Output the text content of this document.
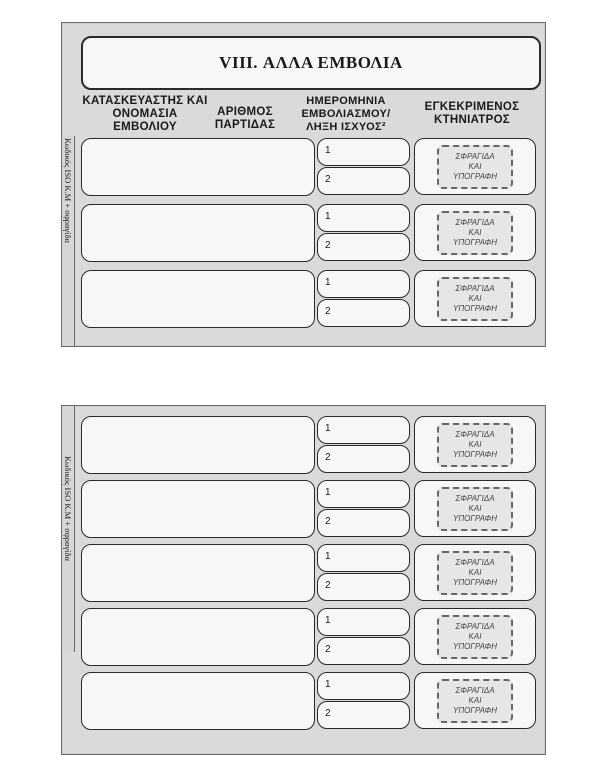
VIII. ΑΛΛΑ ΕΜΒΟΛΙΑ
ΚΑΤΑΣΚΕΥΑΣΤΗΣ ΚΑΙ ΟΝΟΜΑΣΙΑ ΕΜΒΟΛΙΟΥ
ΑΡΙΘΜΟΣ ΠΑΡΤΙΔΑΣ
ΗΜΕΡΟΜΗΝΙΑ ΕΜΒΟΛΙΑΣΜΟΥ/ ΛΗΞΗ ΙΣΧΥΟΣ²
ΕΓΚΕΚΡΙΜΕΝΟΣ ΚΤΗΝΙΑΤΡΟΣ
Κωδικός ISO K.M + σφραγίδα	1
2
ΣΦΡΑΓΙΔΑ
ΚΑΙ
ΥΠΟΓΡΑΦΗ
1
2
ΣΦΡΑΓΙΔΑ
ΚΑΙ
ΥΠΟΓΡΑΦΗ
1
2
ΣΦΡΑΓΙΔΑ
ΚΑΙ
ΥΠΟΓΡΑΦΗ
Κωδικός ISO K.M + σφραγίδα
1
2
ΣΦΡΑΓΙΔΑ
ΚΑΙ
ΥΠΟΓΡΑΦΗ
1
2
ΣΦΡΑΓΙΔΑ
ΚΑΙ
ΥΠΟΓΡΑΦΗ
1
2
ΣΦΡΑΓΙΔΑ
ΚΑΙ
ΥΠΟΓΡΑΦΗ
1
2
ΣΦΡΑΓΙΔΑ
ΚΑΙ
ΥΠΟΓΡΑΦΗ
1
2
ΣΦΡΑΓΙΔΑ
ΚΑΙ
ΥΠΟΓΡΑΦΗ
